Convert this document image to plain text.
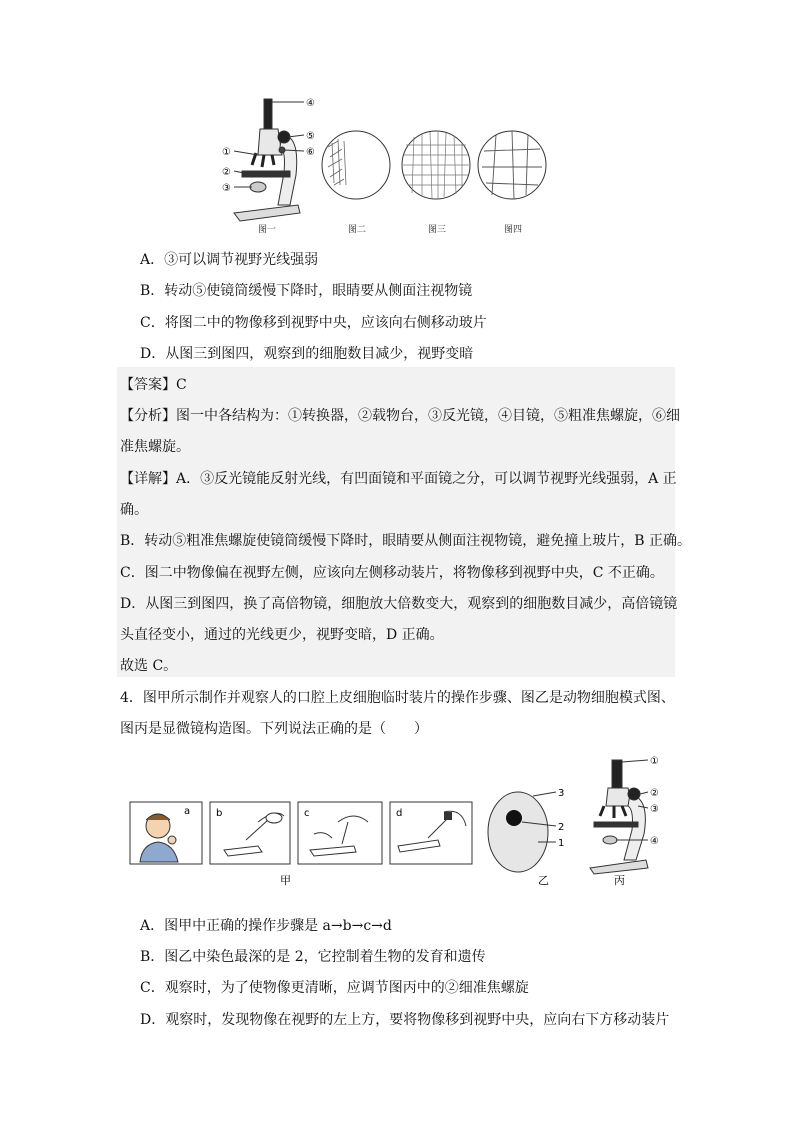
④
⑤
⑥
①
②
③
图一	图二	图三	图四
A．③可以调节视野光线强弱
B．转动⑤使镜筒缓慢下降时，眼睛要从侧面注视物镜
C．将图二中的物像移到视野中央，应该向右侧移动玻片
D．从图三到图四，观察到的细胞数目减少，视野变暗
【答案】C
【分析】图一中各结构为：①转换器，②载物台，③反光镜，④目镜，⑤粗准焦螺旋，⑥细
准焦螺旋。
【详解】A．③反光镜能反射光线，有凹面镜和平面镜之分，可以调节视野光线强弱，A 正
确。
B．转动⑤粗准焦螺旋使镜筒缓慢下降时，眼睛要从侧面注视物镜，避免撞上玻片，B 正确。
C．图二中物像偏在视野左侧，应该向左侧移动装片，将物像移到视野中央，C 不正确。
D．从图三到图四，换了高倍物镜，细胞放大倍数变大，观察到的细胞数目减少，高倍镜镜
头直径变小，通过的光线更少，视野变暗，D 正确。
故选 C。
4．图甲所示制作并观察人的口腔上皮细胞临时装片的操作步骤、图乙是动物细胞模式图、
图丙是显微镜构造图。下列说法正确的是（　　）
a	b	c	d
甲
3
2
1
乙
①
②
③
④
丙
A．图甲中正确的操作步骤是 a→b→c→d
B．图乙中染色最深的是 2，它控制着生物的发育和遗传
C．观察时，为了使物像更清晰，应调节图丙中的②细准焦螺旋
D．观察时，发现物像在视野的左上方，要将物像移到视野中央，应向右下方移动装片
